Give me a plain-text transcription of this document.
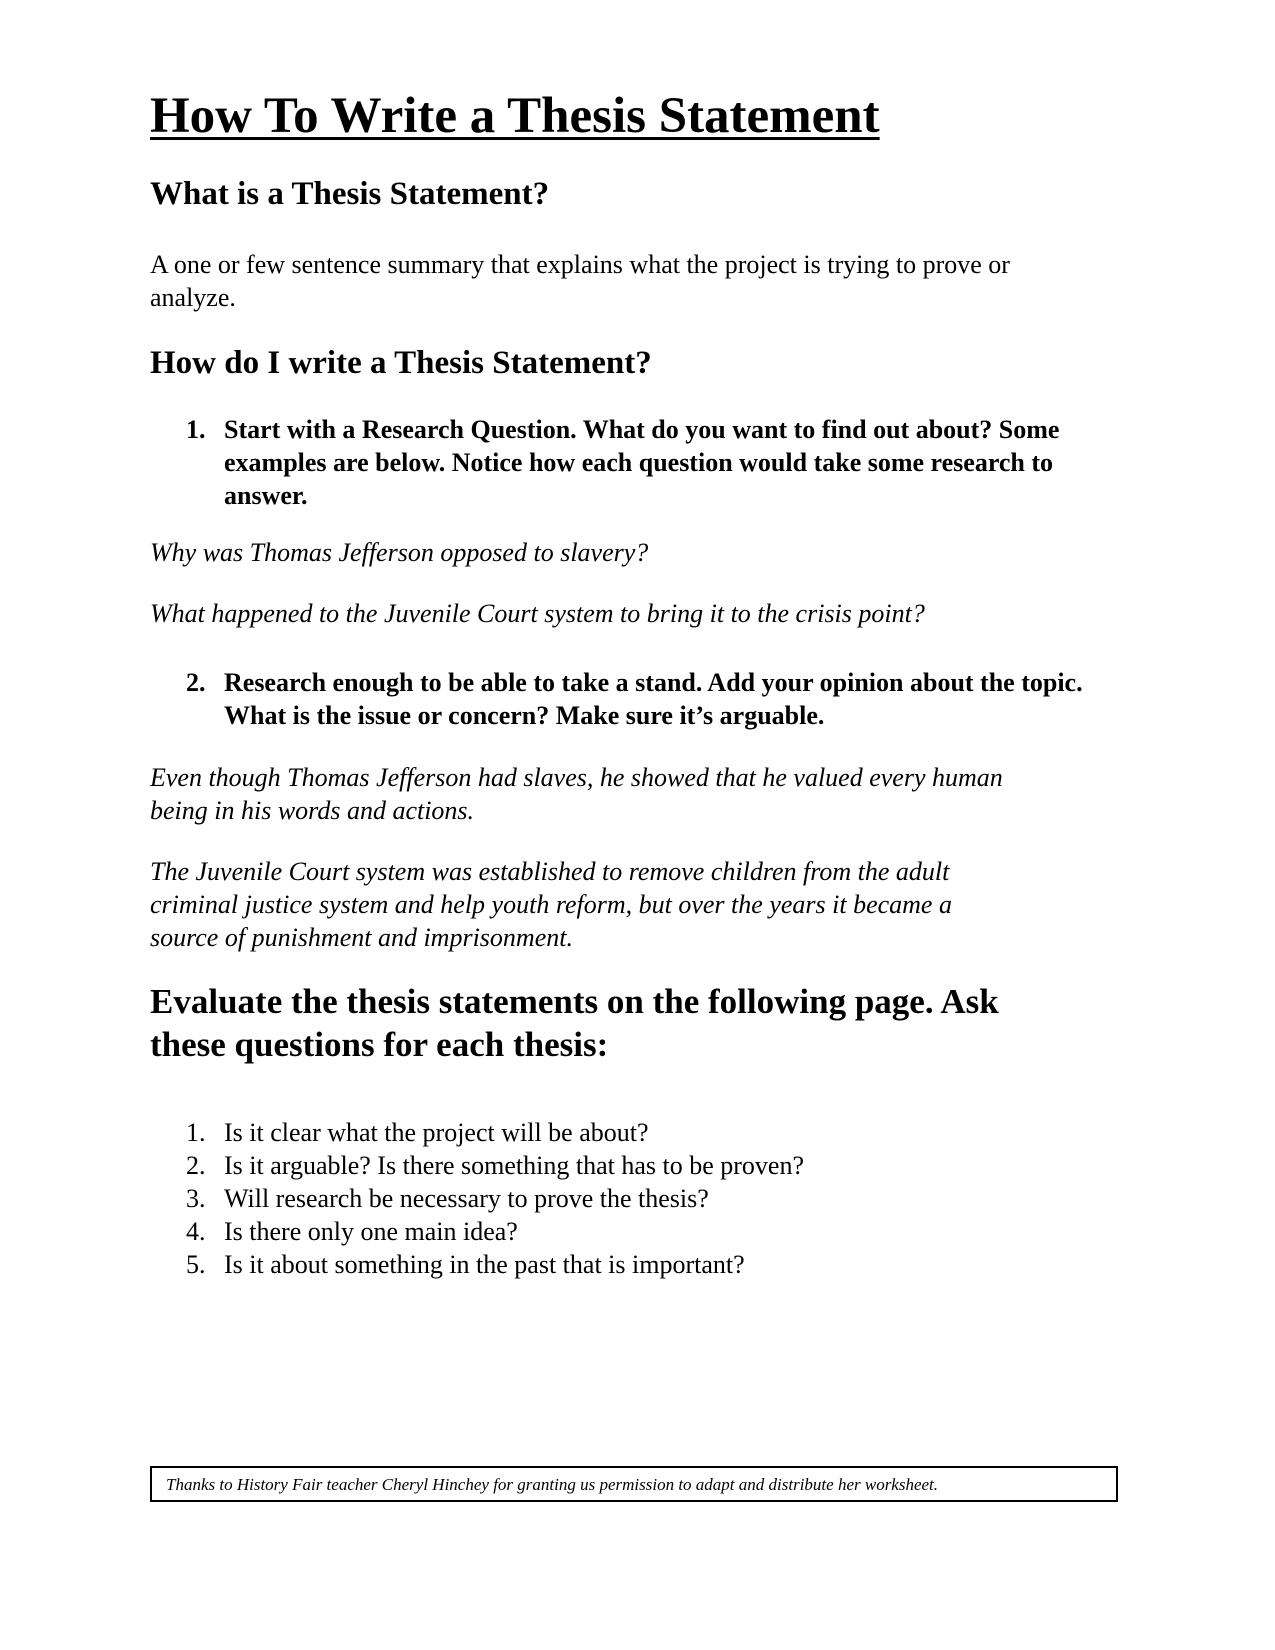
How To Write a Thesis Statement
What is a Thesis Statement?

A one or few sentence summary that explains what the project is trying to prove or

analyze.

How do I write a Thesis Statement?
1. Start with a Research Question. What do you want to find out about? Some examples are below. Notice how each question would take some research to answer.

Why was Thomas Jefferson opposed to slavery?

What happened to the Juvenile Court system to bring it to the crisis point?

2. Research enough to be able to take a stand. Add your opinion about the topic. What is the issue or concern? Make sure it’s arguable.

Even though Thomas Jefferson had slaves, he showed that he valued every human

being in his words and actions.

The Juvenile Court system was established to remove children from the adult

criminal justice system and help youth reform, but over the years it became a

source of punishment and imprisonment.

Evaluate the thesis statements on the following page. Ask
these questions for each thesis:
1. Is it clear what the project will be about?
2. Is it arguable? Is there something that has to be proven?
3. Will research be necessary to prove the thesis?
4. Is there only one main idea?
5. Is it about something in the past that is important?
Thanks to History Fair teacher Cheryl Hinchey for granting us permission to adapt and distribute her worksheet.
